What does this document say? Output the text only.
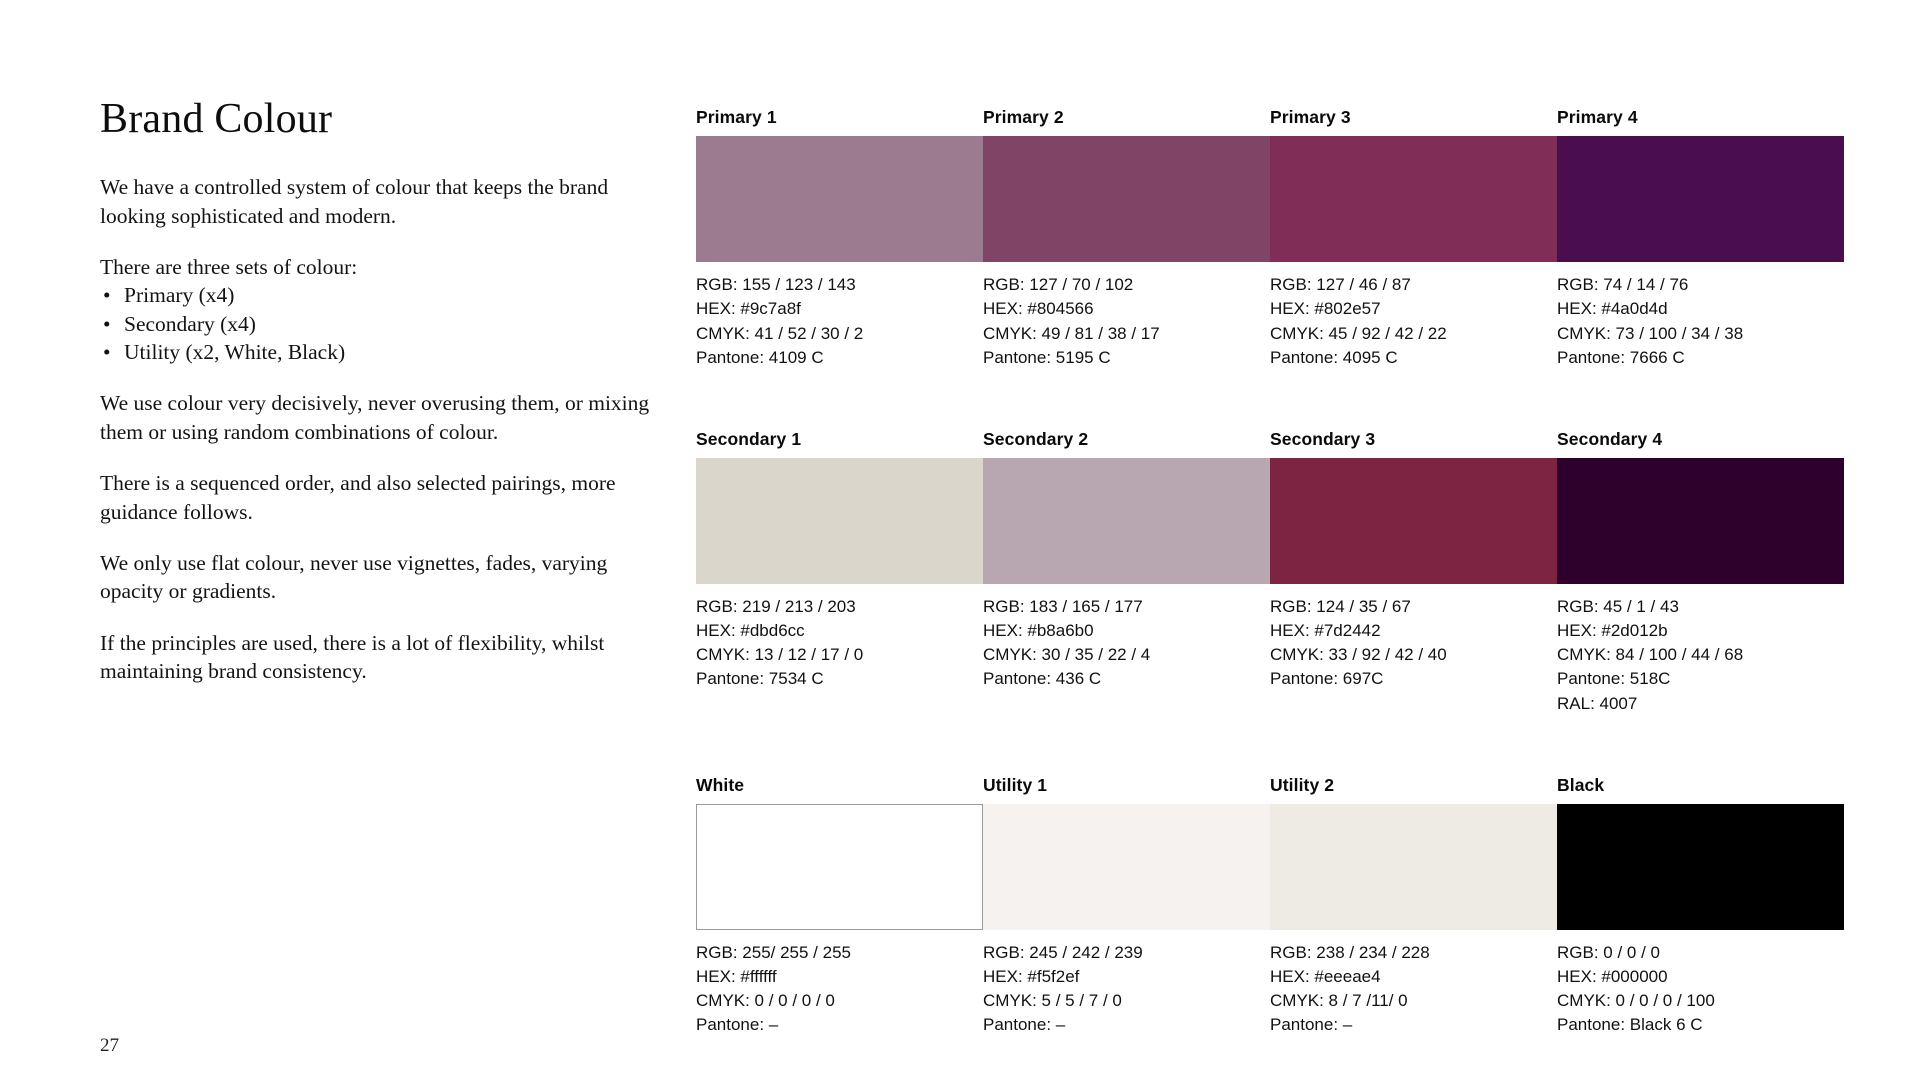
Brand Colour

We have a controlled system of colour that keeps the brand looking sophisticated and modern.

There are three sets of colour:

• Primary (x4)
• Secondary (x4)
• Utility (x2, White, Black)

We use colour very decisively, never overusing them, or mixing them or using random combinations of colour.

There is a sequenced order, and also selected pairings, more guidance follows.

We only use flat colour, never use vignettes, fades, varying opacity or gradients.

If the principles are used, there is a lot of flexibility, whilst maintaining brand consistency.

27
Primary 1
RGB: 155 / 123 / 143
HEX: #9c7a8f
CMYK: 41 / 52 / 30 / 2
Pantone: 4109 C
Primary 2
RGB: 127 / 70 / 102
HEX: #804566
CMYK: 49 / 81 / 38 / 17
Pantone: 5195 C
Primary 3
RGB: 127 / 46 / 87
HEX: #802e57
CMYK: 45 / 92 / 42 / 22
Pantone: 4095 C
Primary 4
RGB: 74 / 14 / 76
HEX: #4a0d4d
CMYK: 73 / 100 / 34 / 38
Pantone: 7666 C
Secondary 1
RGB: 219 / 213 / 203
HEX: #dbd6cc
CMYK: 13 / 12 / 17 / 0
Pantone: 7534 C
Secondary 2
RGB: 183 / 165 / 177
HEX: #b8a6b0
CMYK: 30 / 35 / 22 / 4
Pantone: 436 C
Secondary 3
RGB: 124 / 35 / 67
HEX: #7d2442
CMYK: 33 / 92 / 42 / 40
Pantone: 697C
Secondary 4
RGB: 45 / 1 / 43
HEX: #2d012b
CMYK: 84 / 100 / 44 / 68
Pantone: 518C
RAL: 4007
White
RGB: 255/ 255 / 255
HEX: #ffffff
CMYK: 0 / 0 / 0 / 0
Pantone: –
Utility 1
RGB: 245 / 242 / 239
HEX: #f5f2ef
CMYK: 5 / 5 / 7 / 0
Pantone: –
Utility 2
RGB: 238 / 234 / 228
HEX: #eeeae4
CMYK: 8 / 7 /11/ 0
Pantone: –
Black
RGB: 0 / 0 / 0
HEX: #000000
CMYK: 0 / 0 / 0 / 100
Pantone: Black 6 C
